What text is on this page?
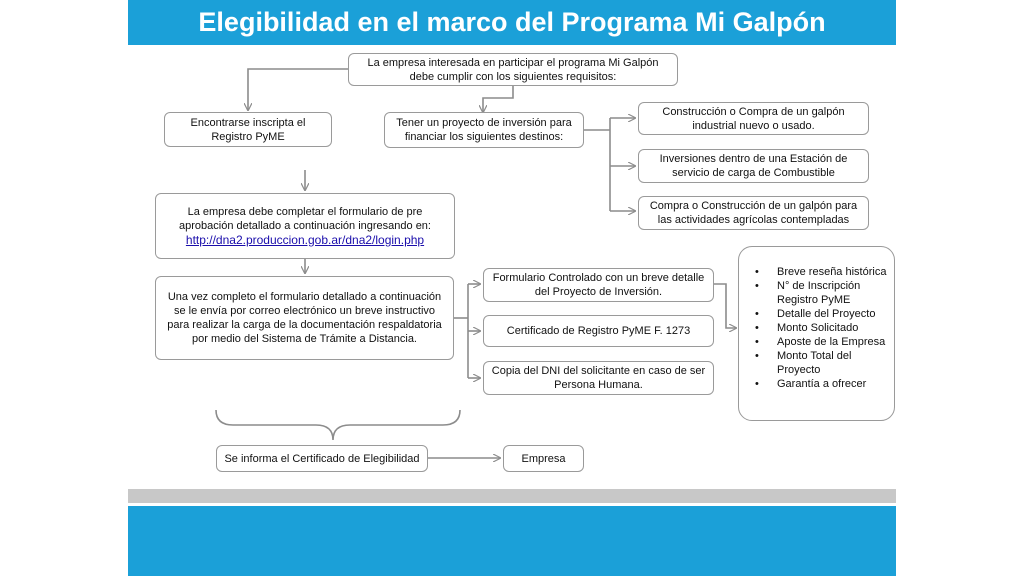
Elegibilidad en el marco del Programa Mi Galpón
La empresa interesada en participar el programa Mi Galpón debe cumplir con los siguientes requisitos:
Encontrarse inscripta el Registro PyME
Tener un proyecto de inversión para financiar los siguientes destinos:
Construcción o Compra de un galpón industrial nuevo o usado.
Inversiones dentro de una Estación de servicio de carga de Combustible
Compra o Construcción de un galpón para las actividades agrícolas contempladas
La empresa debe completar el formulario de pre aprobación detallado a continuación ingresando en:
http://dna2.produccion.gob.ar/dna2/login.php
Una vez completo el formulario detallado a continuación se le envía por correo electrónico un breve instructivo para realizar la carga de la documentación respaldatoria por medio del Sistema de Trámite a Distancia.
Formulario Controlado con un breve detalle del Proyecto de Inversión.
Certificado de Registro PyME F. 1273
Copia del DNI del solicitante en caso de ser Persona Humana.
• Breve reseña histórica
• N° de Inscripción Registro PyME
• Detalle del Proyecto
• Monto Solicitado
• Aposte de la Empresa
• Monto Total del Proyecto
• Garantía a ofrecer
Se informa el Certificado de Elegibilidad	Empresa
